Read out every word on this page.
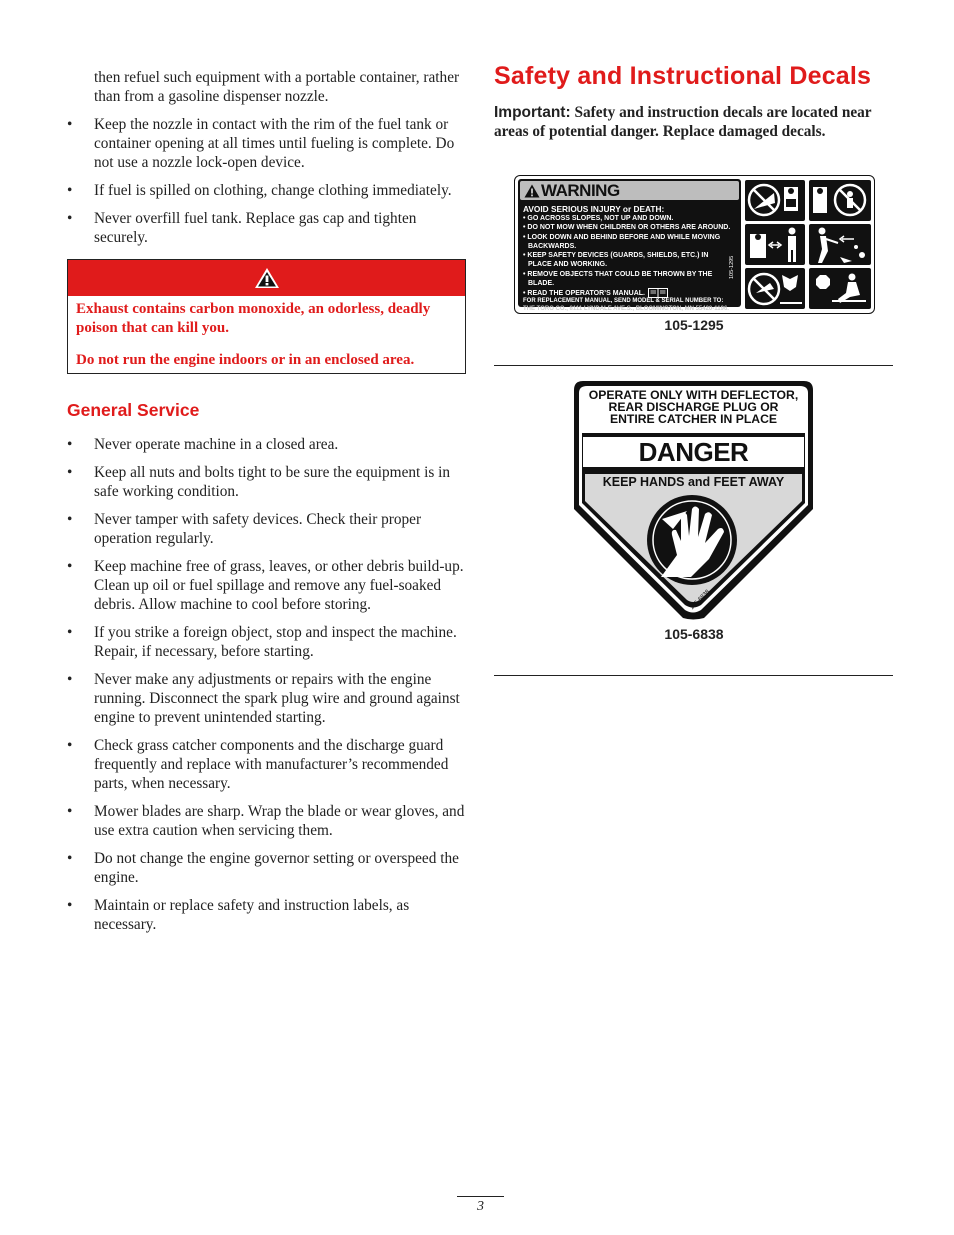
then refuel such equipment with a portable container, rather than from a gasoline dispenser nozzle.

• Keep the nozzle in contact with the rim of the fuel tank or container opening at all times until fueling is complete. Do not use a nozzle lock-open device.
• If fuel is spilled on clothing, change clothing immediately.
• Never overfill fuel tank. Replace gas cap and tighten securely.

Exhaust contains carbon monoxide, an odorless, deadly poison that can kill you.

Do not run the engine indoors or in an enclosed area.

General Service
• Never operate machine in a closed area.
• Keep all nuts and bolts tight to be sure the equipment is in safe working condition.
• Never tamper with safety devices. Check their proper operation regularly.
• Keep machine free of grass, leaves, or other debris build-up. Clean up oil or fuel spillage and remove any fuel-soaked debris. Allow machine to cool before storing.
• If you strike a foreign object, stop and inspect the machine. Repair, if necessary, before starting.
• Never make any adjustments or repairs with the engine running. Disconnect the spark plug wire and ground against engine to prevent unintended starting.
• Check grass catcher components and the discharge guard frequently and replace with manufacturer’s recommended parts, when necessary.
• Mower blades are sharp. Wrap the blade or wear gloves, and use extra caution when servicing them.
• Do not change the engine governor setting or overspeed the engine.
• Maintain or replace safety and instruction labels, as necessary.
Safety and Instructional Decals

Important: Safety and instruction decals are located near areas of potential danger. Replace damaged decals.

WARNING
AVOID SERIOUS INJURY or DEATH:
• GO ACROSS SLOPES, NOT UP AND DOWN.
• DO NOT MOW WHEN CHILDREN OR OTHERS ARE AROUND.
• LOOK DOWN AND BEHIND BEFORE AND WHILE MOVING
BACKWARDS.
• KEEP SAFETY DEVICES (GUARDS, SHIELDS, ETC.) IN
PLACE AND WORKING.
• REMOVE OBJECTS THAT COULD BE THROWN BY THE
BLADE.
• READ THE OPERATOR’S MANUAL.
FOR REPLACEMENT MANUAL, SEND MODEL & SERIAL NUMBER TO:
THE TORO CO., 8111 LYNDALE AVE.S., BLOOMINGTON, MN 55420-1196.
105-1295
105-1295
OPERATE ONLY WITH DEFLECTOR,
REAR DISCHARGE PLUG OR
ENTIRE CATCHER IN PLACE
DANGER
KEEP HANDS and FEET AWAY
105-6838
105-6838
3
